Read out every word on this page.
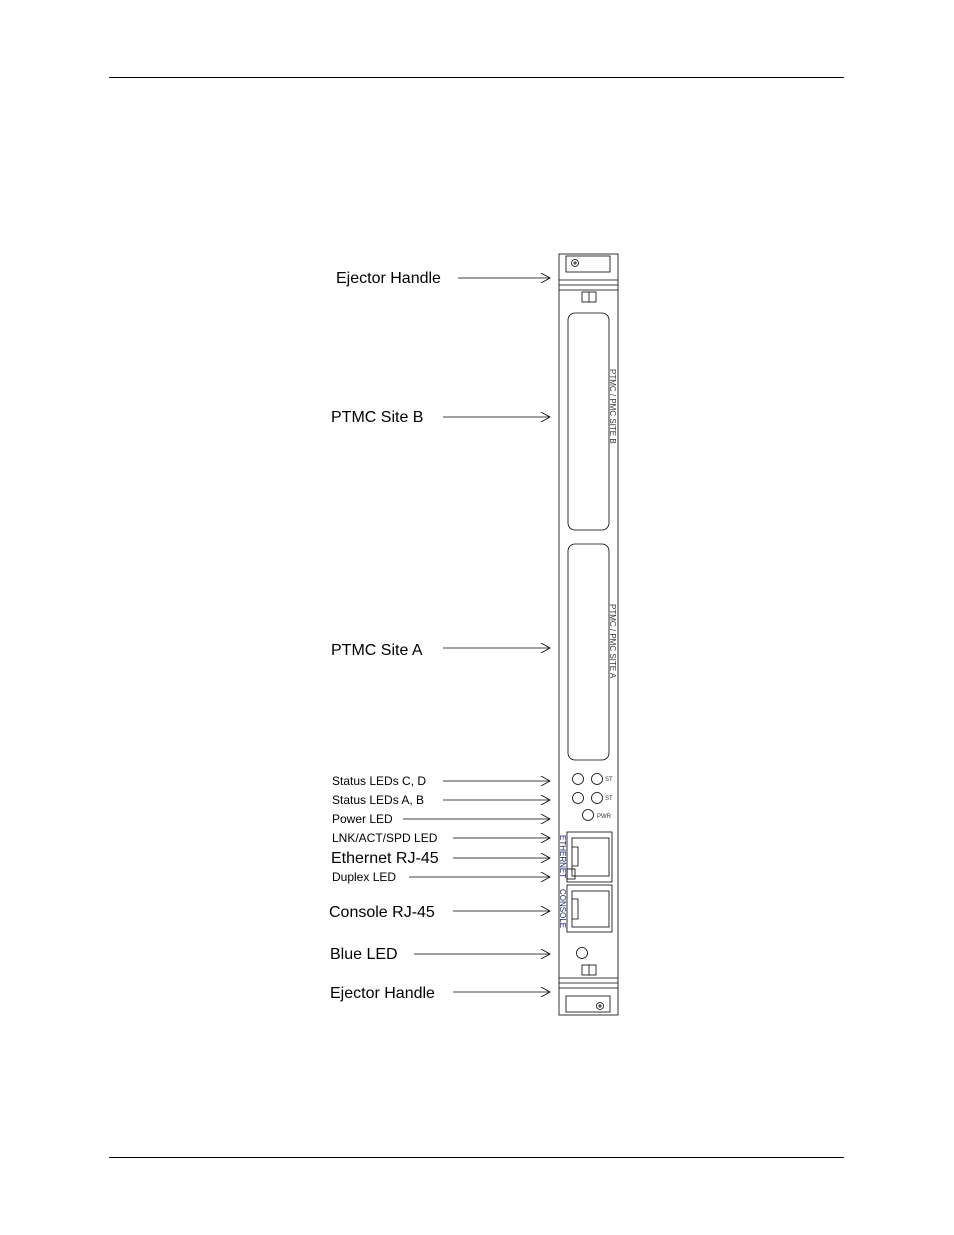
Ejector Handle
PTMC Site B
PTMC Site A
Status LEDs C, D
Status LEDs A, B
Power LED
LNK/ACT/SPD LED
Ethernet RJ-45
Duplex LED
Console RJ-45
Blue LED
Ejector Handle
PTMC / PMC SITE B
PTMC / PMC SITE A
ST
ST
PWR
ETHERNET
CONSOLE
